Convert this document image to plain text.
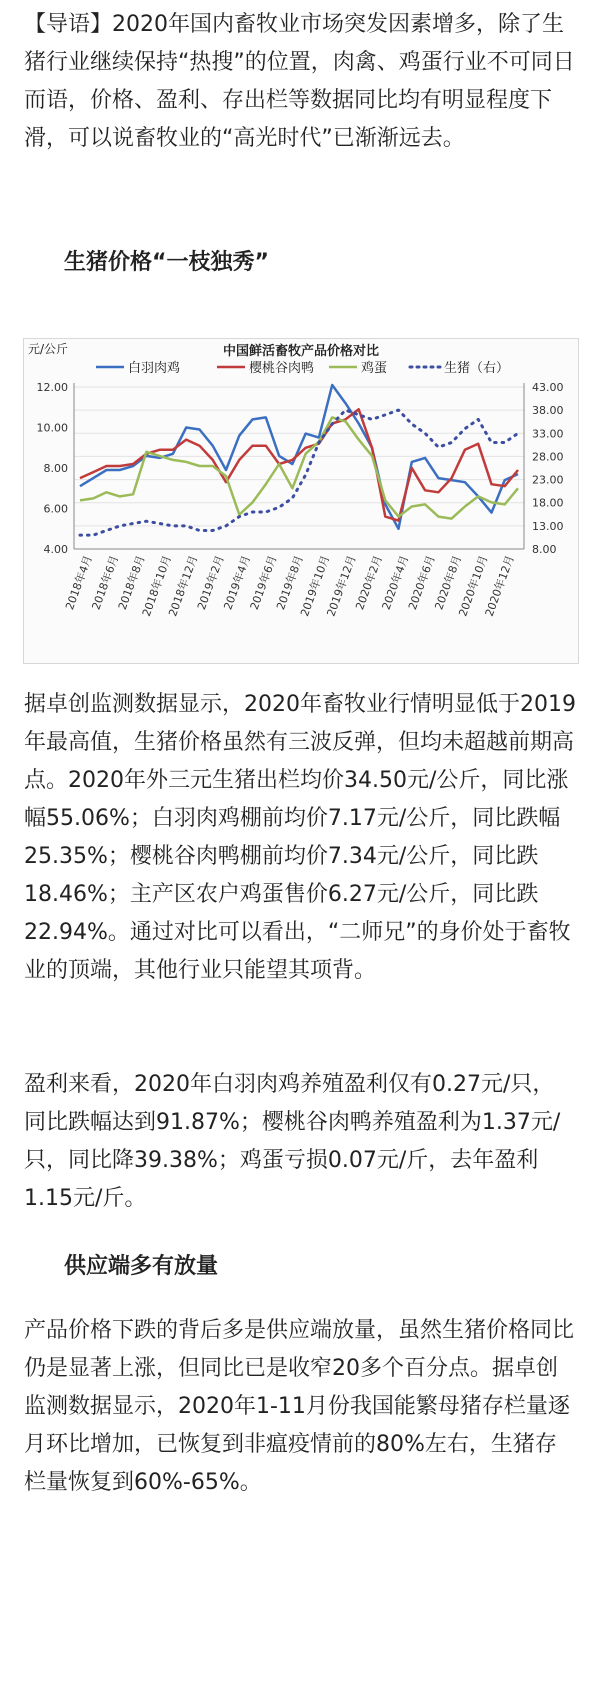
【导语】2020年国内畜牧业市场突发因素增多，除了生猪行业继续保持“热搜”的位置，肉禽、鸡蛋行业不可同日而语，价格、盈利、存出栏等数据同比均有明显程度下滑，可以说畜牧业的“高光时代”已渐渐远去。

生猪价格“一枝独秀”
8.00
13.00
18.00
23.00
28.00
33.00
38.00
43.00
4.00
6.00
8.00
10.00
12.00
2018年4月
2018年6月
2018年8月
2018年10月
2018年12月
2019年2月
2019年4月
2019年6月
2019年8月
2019年10月
2019年12月
2020年2月
2020年4月
2020年6月
2020年8月
2020年10月
2020年12月
白羽肉鸡	樱桃谷肉鸭	鸡蛋	生猪（右）
中国鲜活畜牧产品价格对比
元/公斤

据卓创监测数据显示，2020年畜牧业行情明显低于2019年最高值，生猪价格虽然有三波反弹，但均未超越前期高点。2020年外三元生猪出栏均价34.50元/公斤，同比涨幅55.06%；白羽肉鸡棚前均价7.17元/公斤，同比跌幅25.35%；樱桃谷肉鸭棚前均价7.34元/公斤，同比跌18.46%；主产区农户鸡蛋售价6.27元/公斤，同比跌22.94%。通过对比可以看出，“二师兄”的身价处于畜牧业的顶端，其他行业只能望其项背。

盈利来看，2020年白羽肉鸡养殖盈利仅有0.27元/只，同比跌幅达到91.87%；樱桃谷肉鸭养殖盈利为1.37元/只，同比降39.38%；鸡蛋亏损0.07元/斤，去年盈利1.15元/斤。

供应端多有放量

产品价格下跌的背后多是供应端放量，虽然生猪价格同比仍是显著上涨，但同比已是收窄20多个百分点。据卓创监测数据显示，2020年1-11月份我国能繁母猪存栏量逐月环比增加，已恢复到非瘟疫情前的80%左右，生猪存栏量恢复到60%-65%。
